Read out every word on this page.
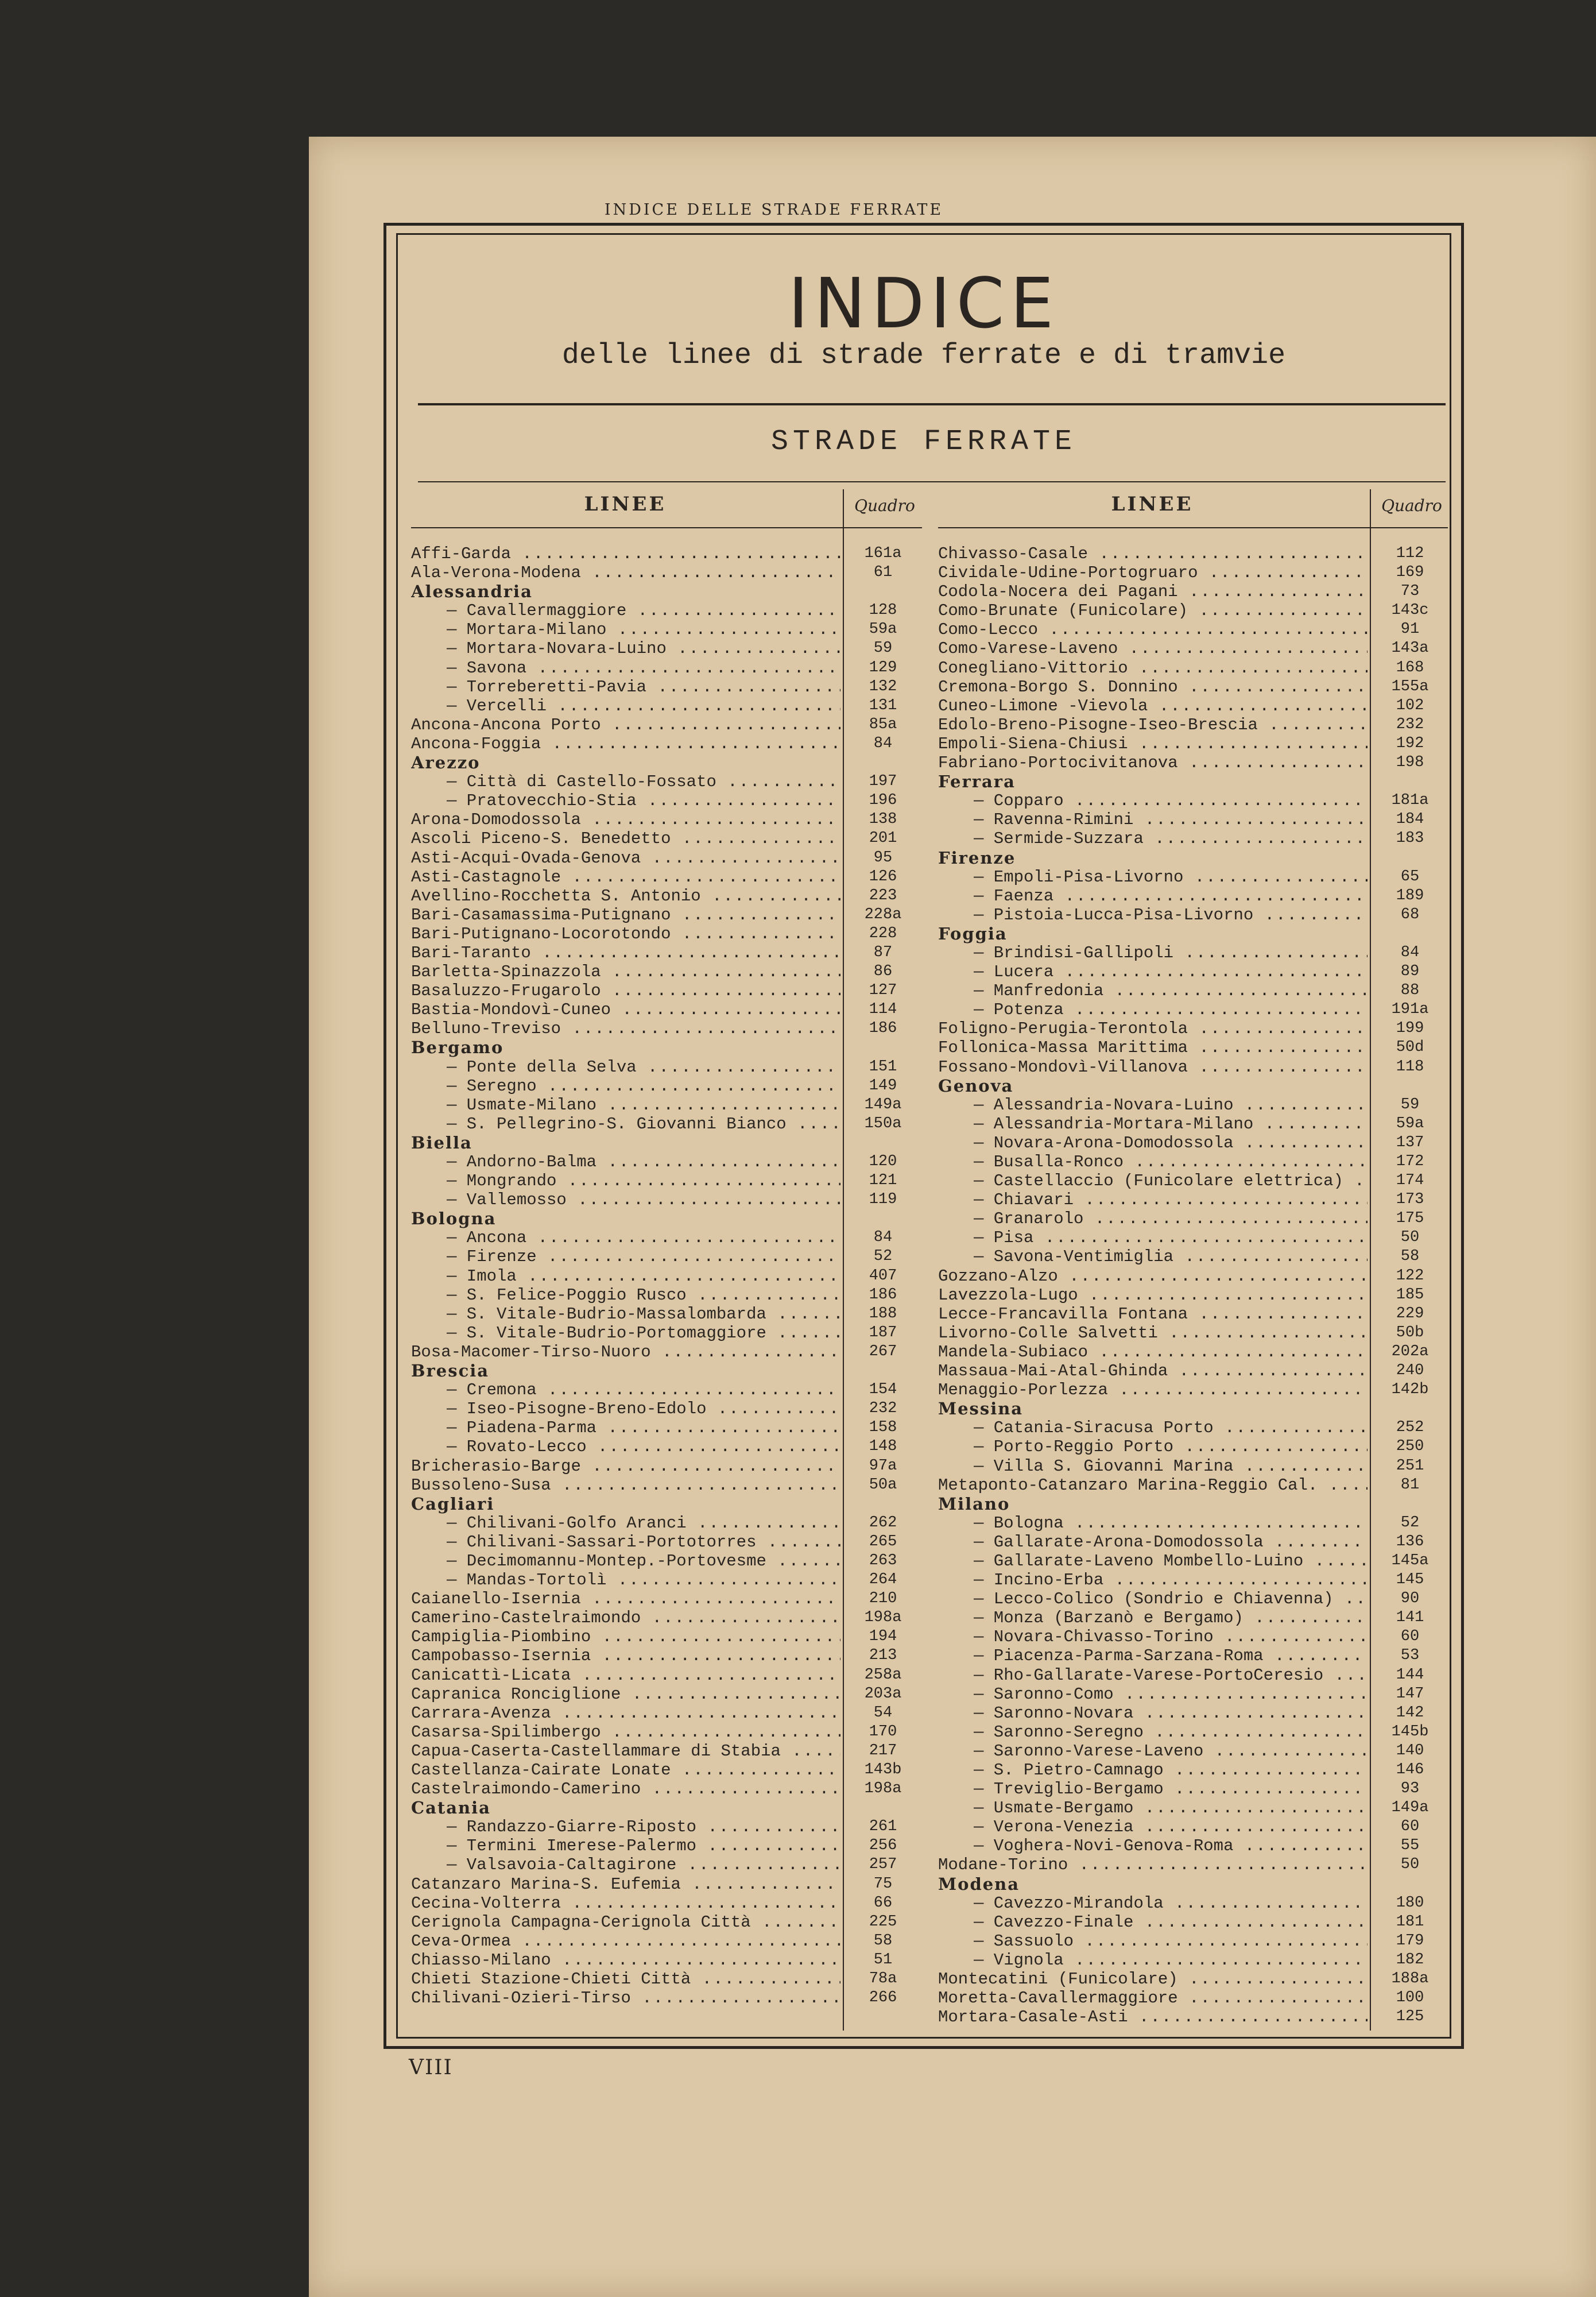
INDICE DELLE STRADE FERRATE
INDICE
delle linee di strade ferrate e di tramvie
STRADE FERRATE
LINEE	Quadro
Affi-Garda .....	161a
Ala-Verona-Modena .....	61
Alessandria
— Cavallermaggiore .....	128
— Mortara-Milano .....	59a
— Mortara-Novara-Luino .....	59
— Savona .....	129
— Torreberetti-Pavia .....	132
— Vercelli .....	131
Ancona-Ancona Porto .....	85a
Ancona-Foggia .....	84
Arezzo
— Città di Castello-Fossato .....	197
— Pratovecchio-Stia .....	196
Arona-Domodossola .....	138
Ascoli Piceno-S. Benedetto .....	201
Asti-Acqui-Ovada-Genova .....	95
Asti-Castagnole .....	126
Avellino-Rocchetta S. Antonio .....	223
Bari-Casamassima-Putignano .....	228a
Bari-Putignano-Locorotondo .....	228
Bari-Taranto .....	87
Barletta-Spinazzola .....	86
Basaluzzo-Frugarolo .....	127
Bastia-Mondovì-Cuneo .....	114
Belluno-Treviso .....	186
Bergamo
— Ponte della Selva .....	151
— Seregno .....	149
— Usmate-Milano .....	149a
— S. Pellegrino-S. Giovanni Bianco .....	150a
Biella
— Andorno-Balma .....	120
— Mongrando .....	121
— Vallemosso .....	119
Bologna
— Ancona .....	84
— Firenze .....	52
— Imola .....	407
— S. Felice-Poggio Rusco .....	186
— S. Vitale-Budrio-Massalombarda .....	188
— S. Vitale-Budrio-Portomaggiore .....	187
Bosa-Macomer-Tirso-Nuoro .....	267
Brescia
— Cremona .....	154
— Iseo-Pisogne-Breno-Edolo .....	232
— Piadena-Parma .....	158
— Rovato-Lecco .....	148
Bricherasio-Barge .....	97a
Bussoleno-Susa .....	50a
Cagliari
— Chilivani-Golfo Aranci .....	262
— Chilivani-Sassari-Portotorres .....	265
— Decimomannu-Montep.-Portovesme .....	263
— Mandas-Tortolì .....	264
Caianello-Isernia .....	210
Camerino-Castelraimondo .....	198a
Campiglia-Piombino .....	194
Campobasso-Isernia .....	213
Canicattì-Licata .....	258a
Capranica Ronciglione .....	203a
Carrara-Avenza .....	54
Casarsa-Spilimbergo .....	170
Capua-Caserta-Castellammare di Stabia .....	217
Castellanza-Cairate Lonate .....	143b
Castelraimondo-Camerino .....	198a
Catania
— Randazzo-Giarre-Riposto .....	261
— Termini Imerese-Palermo .....	256
— Valsavoia-Caltagirone .....	257
Catanzaro Marina-S. Eufemia .....	75
Cecina-Volterra .....	66
Cerignola Campagna-Cerignola Città .....	225
Ceva-Ormea .....	58
Chiasso-Milano .....	51
Chieti Stazione-Chieti Città .....	78a
Chilivani-Ozieri-Tirso .....	266
LINEE	Quadro
Chivasso-Casale .....	112
Cividale-Udine-Portogruaro .....	169
Codola-Nocera dei Pagani .....	73
Como-Brunate (Funicolare) .....	143c
Como-Lecco .....	91
Como-Varese-Laveno .....	143a
Conegliano-Vittorio .....	168
Cremona-Borgo S. Donnino .....	155a
Cuneo-Limone -Vievola .....	102
Edolo-Breno-Pisogne-Iseo-Brescia .....	232
Empoli-Siena-Chiusi .....	192
Fabriano-Portocivitanova .....	198
Ferrara
— Copparo .....	181a
— Ravenna-Rimini .....	184
— Sermide-Suzzara .....	183
Firenze
— Empoli-Pisa-Livorno .....	65
— Faenza .....	189
— Pistoia-Lucca-Pisa-Livorno .....	68
Foggia
— Brindisi-Gallipoli .....	84
— Lucera .....	89
— Manfredonia .....	88
— Potenza .....	191a
Foligno-Perugia-Terontola .....	199
Follonica-Massa Marittima .....	50d
Fossano-Mondovì-Villanova .....	118
Genova
— Alessandria-Novara-Luino .....	59
— Alessandria-Mortara-Milano .....	59a
— Novara-Arona-Domodossola .....	137
— Busalla-Ronco .....	172
— Castellaccio (Funicolare elettrica) .....	174
— Chiavari .....	173
— Granarolo .....	175
— Pisa .....	50
— Savona-Ventimiglia .....	58
Gozzano-Alzo .....	122
Lavezzola-Lugo .....	185
Lecce-Francavilla Fontana .....	229
Livorno-Colle Salvetti .....	50b
Mandela-Subiaco .....	202a
Massaua-Mai-Atal-Ghinda .....	240
Menaggio-Porlezza .....	142b
Messina
— Catania-Siracusa Porto .....	252
— Porto-Reggio Porto .....	250
— Villa S. Giovanni Marina .....	251
Metaponto-Catanzaro Marina-Reggio Cal. .....	81
Milano
— Bologna .....	52
— Gallarate-Arona-Domodossola .....	136
— Gallarate-Laveno Mombello-Luino .....	145a
— Incino-Erba .....	145
— Lecco-Colico (Sondrio e Chiavenna) .....	90
— Monza (Barzanò e Bergamo) .....	141
— Novara-Chivasso-Torino .....	60
— Piacenza-Parma-Sarzana-Roma .....	53
— Rho-Gallarate-Varese-PortoCeresio .....	144
— Saronno-Como .....	147
— Saronno-Novara .....	142
— Saronno-Seregno .....	145b
— Saronno-Varese-Laveno .....	140
— S. Pietro-Camnago .....	146
— Treviglio-Bergamo .....	93
— Usmate-Bergamo .....	149a
— Verona-Venezia .....	60
— Voghera-Novi-Genova-Roma .....	55
Modane-Torino .....	50
Modena
— Cavezzo-Mirandola .....	180
— Cavezzo-Finale .....	181
— Sassuolo .....	179
— Vignola .....	182
Montecatini (Funicolare) .....	188a
Moretta-Cavallermaggiore .....	100
Mortara-Casale-Asti .....	125
VIII
